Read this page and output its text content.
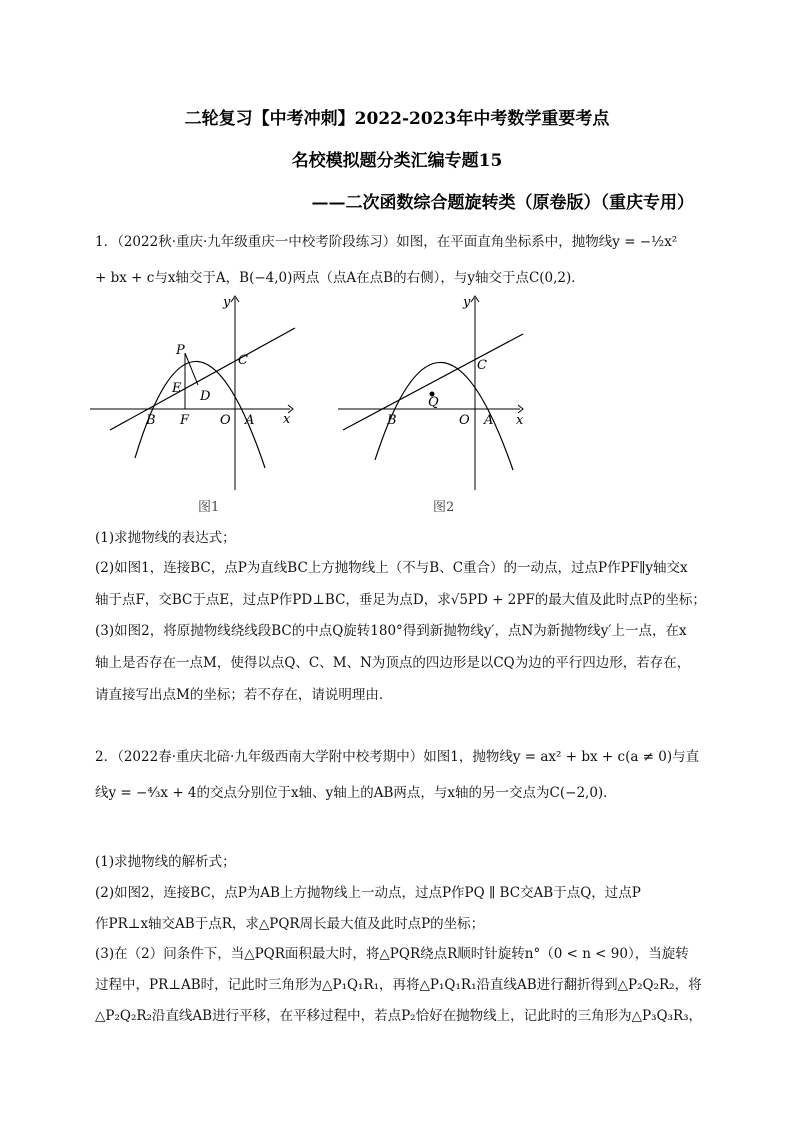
二轮复习【中考冲刺】2022-2023年中考数学重要考点
名校模拟题分类汇编专题15
——二次函数综合题旋转类（原卷版）（重庆专用）
1．（2022秋·重庆·九年级重庆一中校考阶段练习）如图，在平面直角坐标系中，抛物线y = −½x²
+ bx + c与x轴交于A，B(−4,0)两点（点A在点B的右侧），与y轴交于点C(0,2)．
y
x
P
C
E
D
B F O A
图1
y
x
C
Q
B	O A
图2
(1)求抛物线的表达式；
(2)如图1，连接BC，点P为直线BC上方抛物线上（不与B、C重合）的一动点，过点P作PF∥y轴交x
轴于点F，交BC于点E，过点P作PD⊥BC，垂足为点D，求√5PD + 2PF的最大值及此时点P的坐标；
(3)如图2，将原抛物线绕线段BC的中点Q旋转180°得到新抛物线y′，点N为新抛物线y′上一点，在x
轴上是否存在一点M，使得以点Q、C、M、N为顶点的四边形是以CQ为边的平行四边形，若存在，
请直接写出点M的坐标；若不存在，请说明理由．
2．（2022春·重庆北碚·九年级西南大学附中校考期中）如图1，抛物线y = ax² + bx + c(a ≠ 0)与直
线y = −⁴⁄₃x + 4的交点分别位于x轴、y轴上的AB两点，与x轴的另一交点为C(−2,0)．
(1)求抛物线的解析式；
(2)如图2，连接BC，点P为AB上方抛物线上一动点，过点P作PQ ∥ BC交AB于点Q，过点P
作PR⊥x轴交AB于点R，求△PQR周长最大值及此时点P的坐标；
(3)在（2）问条件下，当△PQR面积最大时，将△PQR绕点R顺时针旋转n°（0 < n < 90），当旋转
过程中，PR⊥AB时，记此时三角形为△P₁Q₁R₁，再将△P₁Q₁R₁沿直线AB进行翻折得到△P₂Q₂R₂，将
△P₂Q₂R₂沿直线AB进行平移，在平移过程中，若点P₂恰好在抛物线上，记此时的三角形为△P₃Q₃R₃，
